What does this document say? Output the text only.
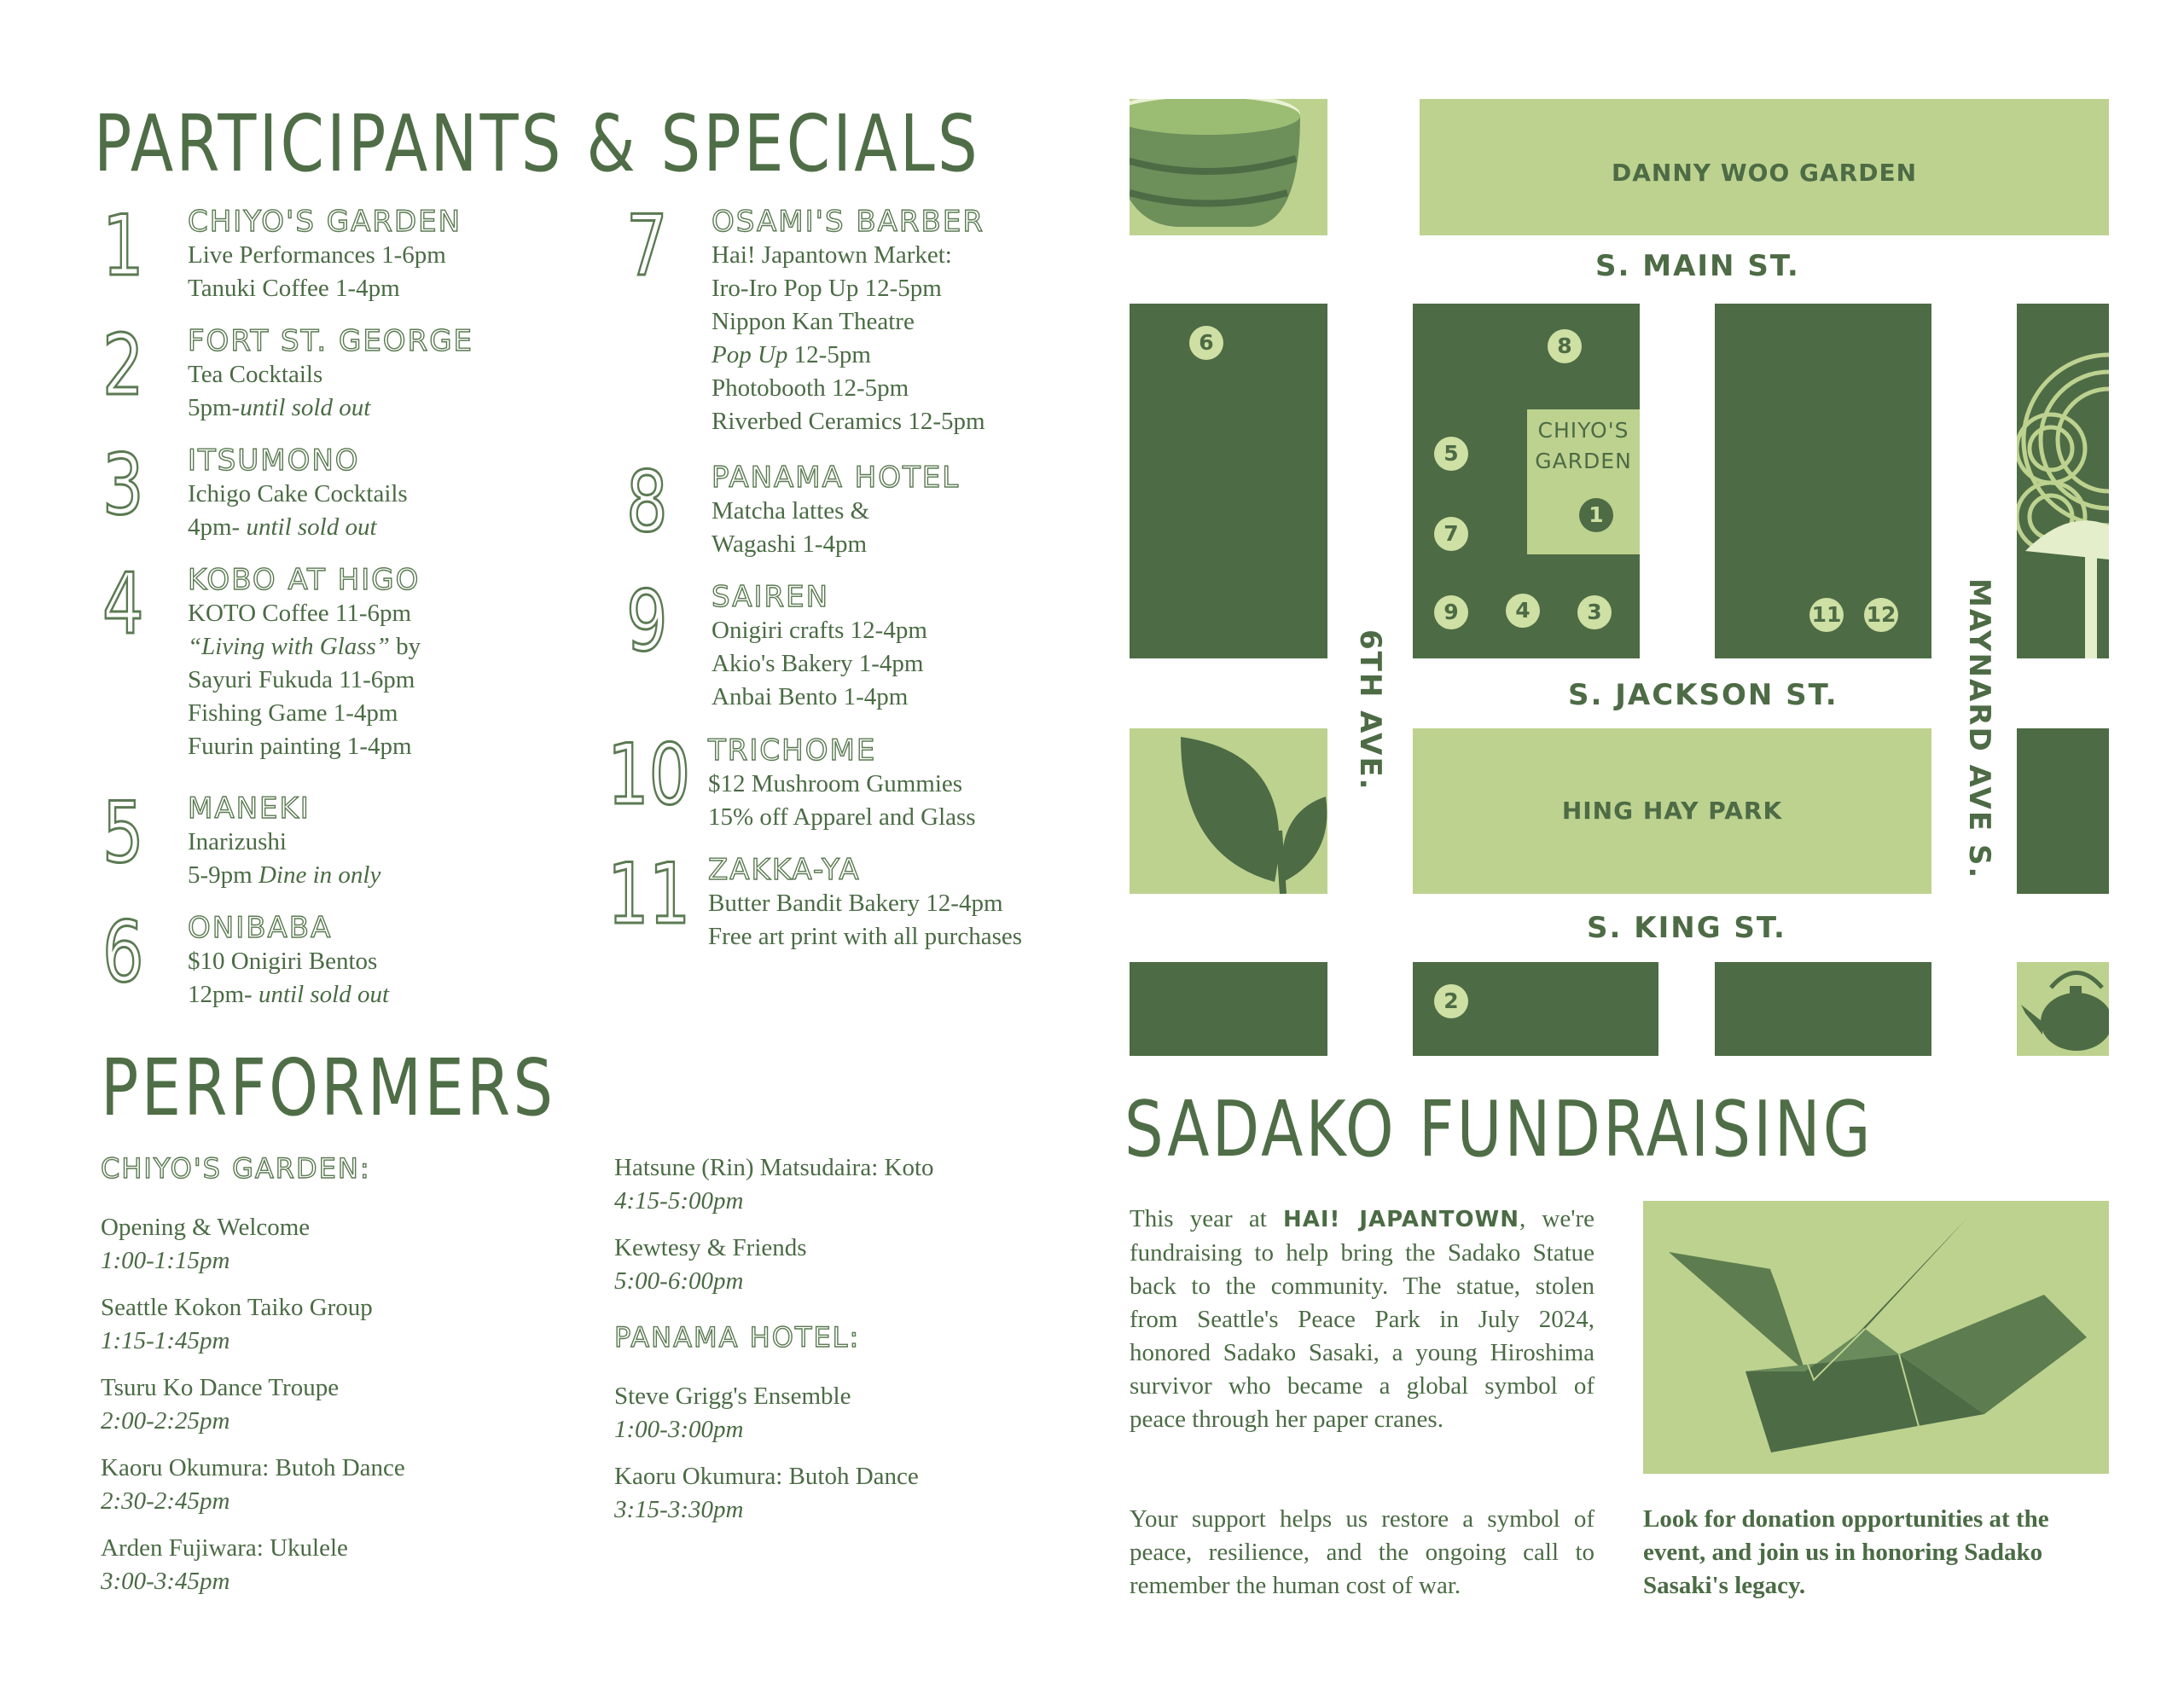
PARTICIPANTS & SPECIALS
PERFORMERS	SADAKO FUNDRAISING
1 CHIYO'S GARDEN
Live Performances 1-6pm
Tanuki Coffee 1-4pm
2 FORT ST. GEORGE
Tea Cocktails
5pm-until sold out
3 ITSUMONO
Ichigo Cake Cocktails
4pm- until sold out
4 KOBO AT HIGO
KOTO Coffee 11-6pm
“Living with Glass” by
Sayuri Fukuda 11-6pm
Fishing Game 1-4pm
Fuurin painting 1-4pm
5 MANEKI
Inarizushi
5-9pm Dine in only
6 ONIBABA
$10 Onigiri Bentos
12pm- until sold out
7 OSAMI'S BARBER
Hai! Japantown Market:
Iro-Iro Pop Up 12-5pm
Nippon Kan Theatre
Pop Up 12-5pm
Photobooth 12-5pm
Riverbed Ceramics 12-5pm
8 PANAMA HOTEL
Matcha lattes &
Wagashi 1-4pm
9 SAIREN
Onigiri crafts 12-4pm
Akio's Bakery 1-4pm
Anbai Bento 1-4pm
10 TRICHOME
$12 Mushroom Gummies
15% off Apparel and Glass
11 ZAKKA-YA
Butter Bandit Bakery 12-4pm
Free art print with all purchases
CHIYO'S GARDEN:
PANAMA HOTEL:
Opening & Welcome
1:00-1:15pm
Seattle Kokon Taiko Group
1:15-1:45pm
Tsuru Ko Dance Troupe
2:00-2:25pm
Kaoru Okumura: Butoh Dance
2:30-2:45pm
Arden Fujiwara: Ukulele
3:00-3:45pm
Hatsune (Rin) Matsudaira: Koto
4:15-5:00pm
Kewtesy & Friends
5:00-6:00pm
Steve Grigg's Ensemble
1:00-3:00pm
Kaoru Okumura: Butoh Dance
3:15-3:30pm
DANNY WOO GARDEN
S. MAIN ST.
CHIYO'S
GARDEN
HING HAY PARK
S. JACKSON ST.
S. KING ST.
6TH AVE.	MAYNARD AVE S.
6	8
5
1
7
9	4	3	11 12
2
This year at HAI! JAPANTOWN, we're fundraising to help bring the Sadako Statue back to the community. The statue, stolen from Seattle's Peace Park in July 2024, honored Sadako Sasaki, a young Hiroshima survivor who became a global symbol of peace through her paper cranes.
Your support helps us restore a symbol of peace, resilience, and the ongoing call to remember the human cost of war.
Look for donation opportunities at the event, and join us in honoring Sadako Sasaki's legacy.
